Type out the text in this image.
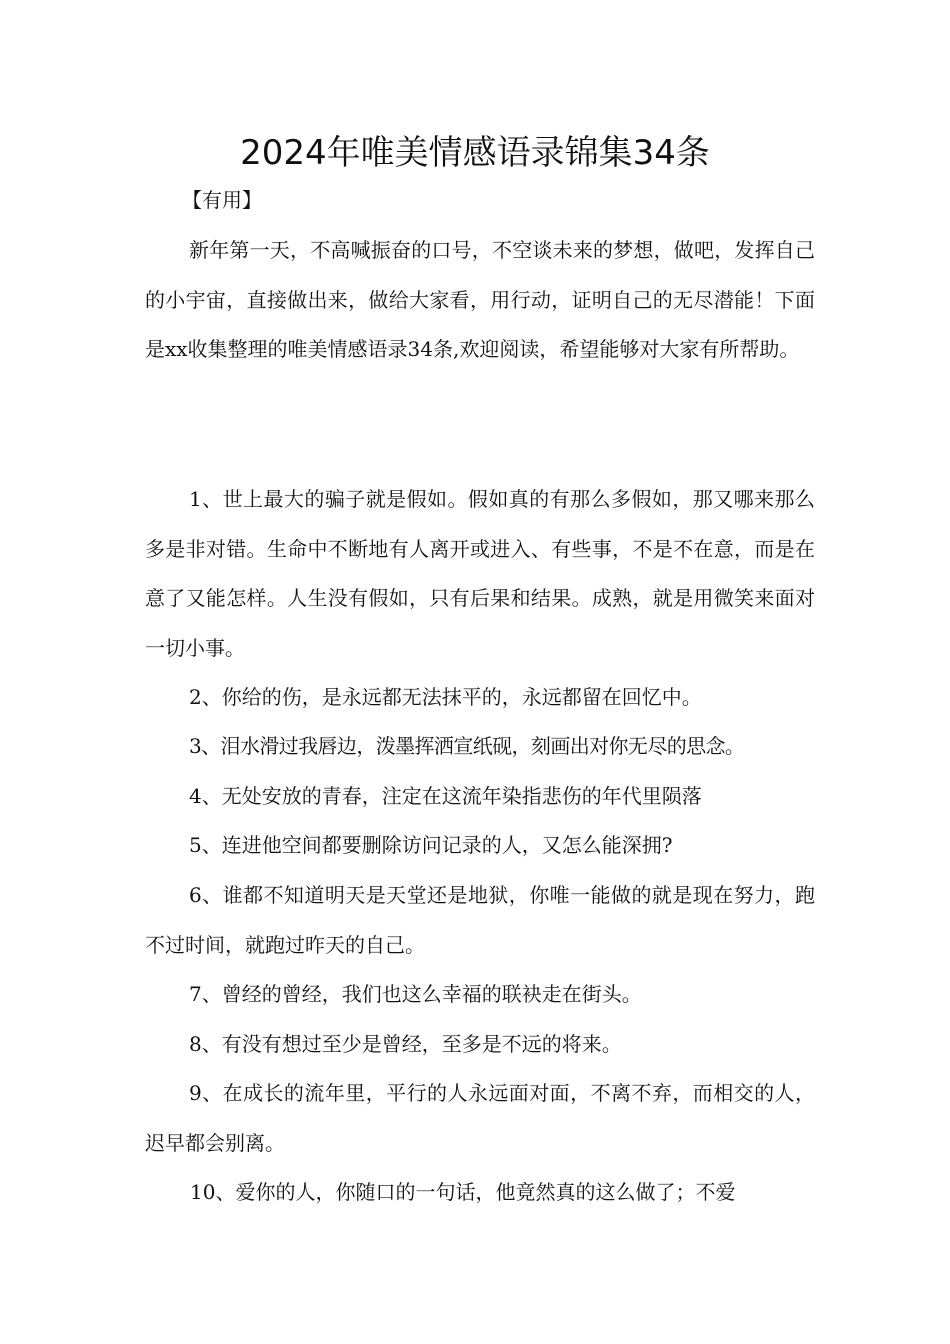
2024年唯美情感语录锦集34条

【有用】

新年第一天，不高喊振奋的口号，不空谈未来的梦想，做吧，发挥自己的小宇宙，直接做出来，做给大家看，用行动，证明自己的无尽潜能！下面是xx收集整理的唯美情感语录34条,欢迎阅读，希望能够对大家有所帮助。

1、世上最大的骗子就是假如。假如真的有那么多假如，那又哪来那么多是非对错。生命中不断地有人离开或进入、有些事，不是不在意，而是在意了又能怎样。人生没有假如，只有后果和结果。成熟，就是用微笑来面对一切小事。

2、你给的伤，是永远都无法抹平的，永远都留在回忆中。

3、泪水滑过我唇边，泼墨挥洒宣纸砚，刻画出对你无尽的思念。

4、无处安放的青春，注定在这流年染指悲伤的年代里陨落

5、连进他空间都要删除访问记录的人，又怎么能深拥?

6、谁都不知道明天是天堂还是地狱，你唯一能做的就是现在努力，跑不过时间，就跑过昨天的自己。

7、曾经的曾经，我们也这么幸福的联袂走在街头。

8、有没有想过至少是曾经，至多是不远的将来。

9、在成长的流年里，平行的人永远面对面，不离不弃，而相交的人，迟早都会别离。

10、爱你的人，你随口的一句话，他竟然真的这么做了；不爱
